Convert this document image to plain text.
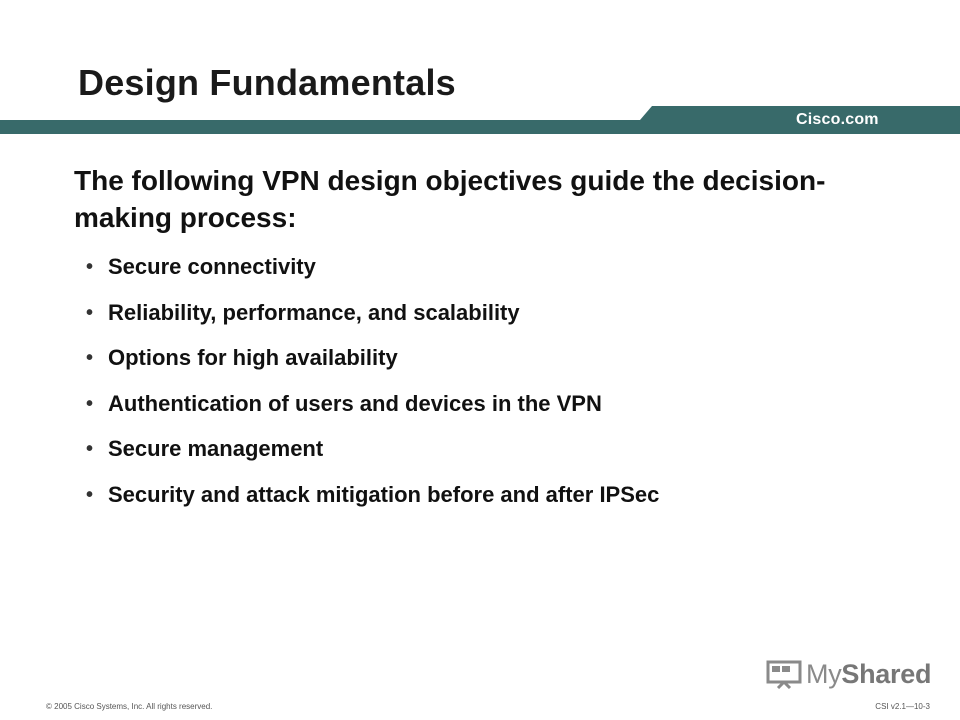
Design Fundamentals
Cisco.com

The following VPN design objectives guide the decision-making process:

• Secure connectivity
• Reliability, performance, and scalability
• Options for high availability
• Authentication of users and devices in the VPN
• Secure management
• Security and attack mitigation before and after IPSec
MyShared
© 2005 Cisco Systems, Inc. All rights reserved.	CSI v2.1—10-3
